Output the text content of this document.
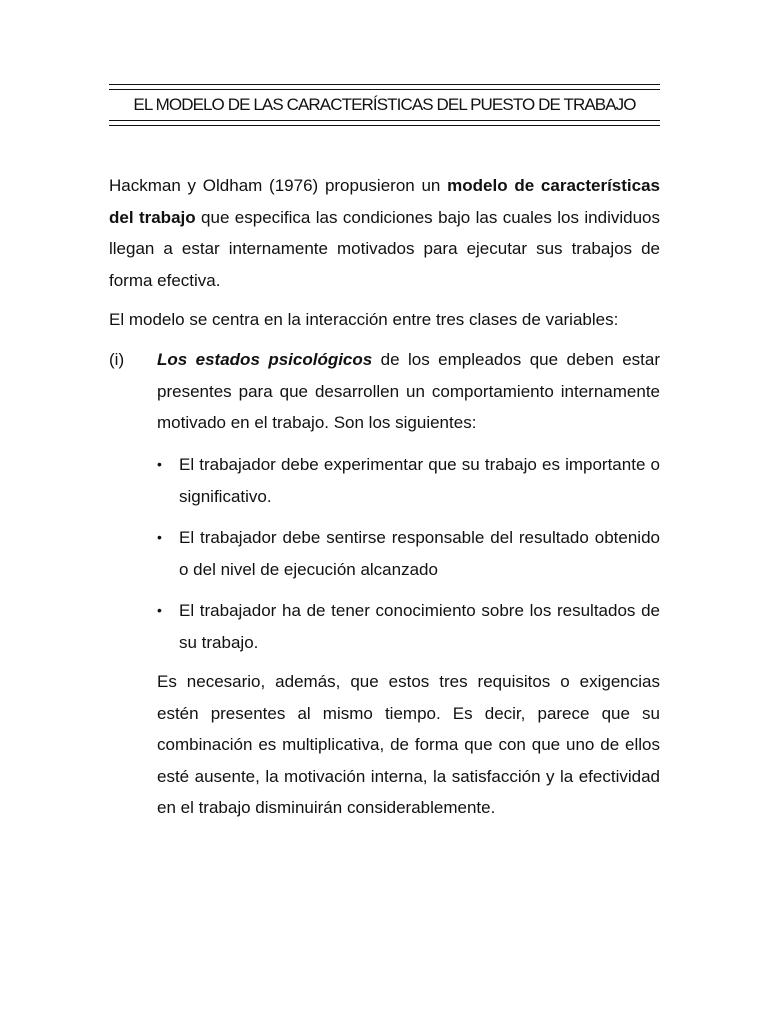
EL MODELO DE LAS CARACTERÍSTICAS DEL PUESTO DE TRABAJO

Hackman y Oldham (1976) propusieron un modelo de características del trabajo que especifica las condiciones bajo las cuales los individuos llegan a estar internamente motivados para ejecutar sus trabajos de forma efectiva.

El modelo se centra en la interacción entre tres clases de variables:

(i) Los estados psicológicos de los empleados que deben estar presentes para que desarrollen un comportamiento internamente motivado en el trabajo. Son los siguientes:

• El trabajador debe experimentar que su trabajo es importante o significativo.
• El trabajador debe sentirse responsable del resultado obtenido o del nivel de ejecución alcanzado
• El trabajador ha de tener conocimiento sobre los resultados de su trabajo.

Es necesario, además, que estos tres requisitos o exigencias estén presentes al mismo tiempo. Es decir, parece que su combinación es multiplicativa, de forma que con que uno de ellos esté ausente, la motivación interna, la satisfacción y la efectividad en el trabajo disminuirán considerablemente.
